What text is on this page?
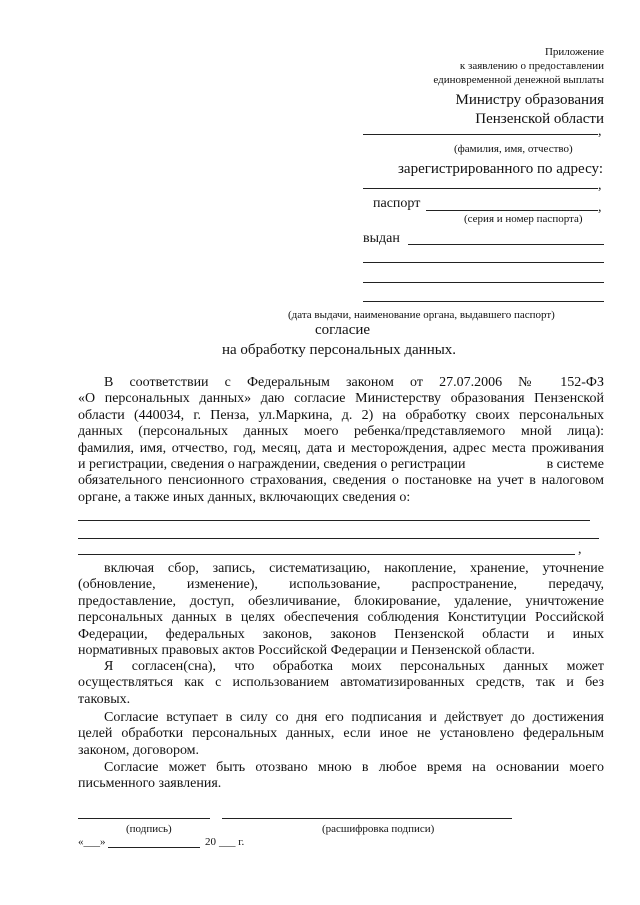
Приложение
к заявлению о предоставлении
единовременной денежной выплаты
Министру образования
Пензенской области
,
(фамилия, имя, отчество)
зарегистрированного по адресу:
,
паспорт	,
(серия и номер паспорта)
выдан
(дата выдачи, наименование органа, выдавшего паспорт)
согласие
на обработку персональных данных.
В соответствии с Федеральным законом от 27.07.2006 № 152-ФЗ
«О персональных данных» даю согласие Министерству образования Пензенской
области (440034, г. Пенза, ул.Маркина, д. 2) на обработку своих персональных
данных (персональных данных моего ребенка/представляемого мной лица):
фамилия, имя, отчество, год, месяц, дата и месторождения, адрес места проживания
и регистрации, сведения о награждении, сведения о регистрации	в системе
обязательного пенсионного страхования, сведения о постановке на учет в налоговом
органе, а также иных данных, включающих сведения о:
,
включая сбор, запись, систематизацию, накопление, хранение, уточнение
(обновление, изменение), использование, распространение, передачу,
предоставление, доступ, обезличивание, блокирование, удаление, уничтожение
персональных данных в целях обеспечения соблюдения Конституции Российской
Федерации, федеральных законов, законов Пензенской области и иных
нормативных правовых актов Российской Федерации и Пензенской области.
Я согласен(сна), что обработка моих персональных данных может
осуществляться как с использованием автоматизированных средств, так и без
таковых.
Согласие вступает в силу со дня его подписания и действует до достижения
целей обработки персональных данных, если иное не установлено федеральным
законом, договором.
Согласие может быть отозвано мною в любое время на основании моего
письменного заявления.
(подпись)	(расшифровка подписи)
«___»	20 ___ г.
